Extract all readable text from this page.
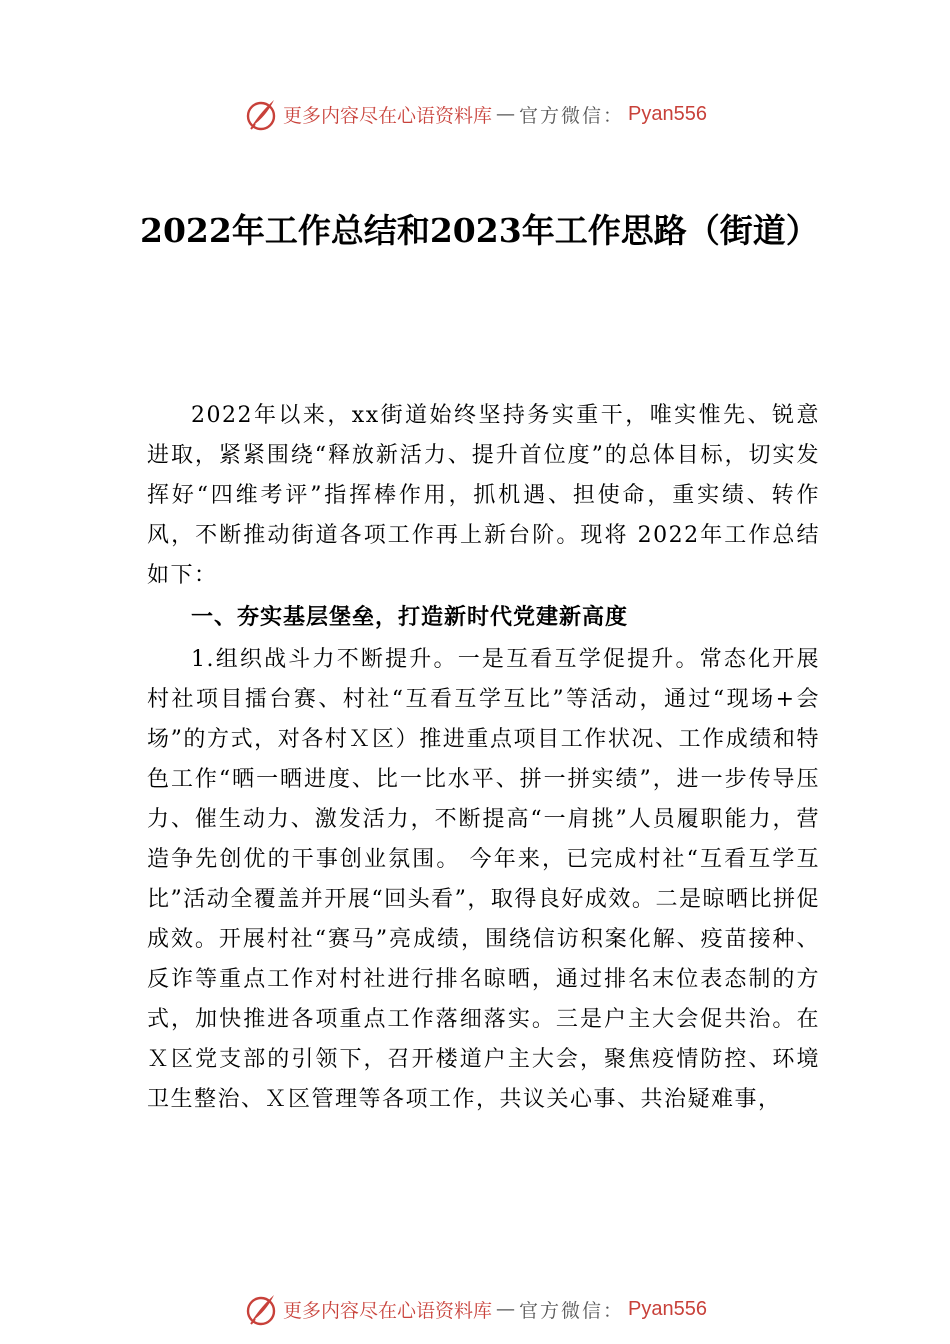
更多内容尽在心语资料库 — 官方微信： Pyan556
2022年工作总结和2023年工作思路（街道）

2022年以来，xx街道始终坚持务实重干，唯实惟先、锐意进取，紧紧围绕“释放新活力、提升首位度”的总体目标，切实发挥好“四维考评”指挥棒作用，抓机遇、担使命，重实绩、转作风，不断推动街道各项工作再上新台阶。现将 2022年工作总结如下：

一、夯实基层堡垒，打造新时代党建新高度

1.组织战斗力不断提升。一是互看互学促提升。常态化开展村社项目擂台赛、村社“互看互学互比”等活动，通过“现场+会场”的方式，对各村Ｘ区）推进重点项目工作状况、工作成绩和特色工作“晒一晒进度、比一比水平、拼一拼实绩”，进一步传导压力、催生动力、激发活力，不断提高“一肩挑”人员履职能力，营造争先创优的干事创业氛围。 今年来，已完成村社“互看互学互比”活动全覆盖并开展“回头看”，取得良好成效。二是晾晒比拼促成效。开展村社“赛马”亮成绩，围绕信访积案化解、疫苗接种、反诈等重点工作对村社进行排名晾晒，通过排名末位表态制的方式，加快推进各项重点工作落细落实。三是户主大会促共治。在Ｘ区党支部的引领下，召开楼道户主大会，聚焦疫情防控、环境卫生整治、Ｘ区管理等各项工作，共议关心事、共治疑难事，

更多内容尽在心语资料库 — 官方微信： Pyan556
